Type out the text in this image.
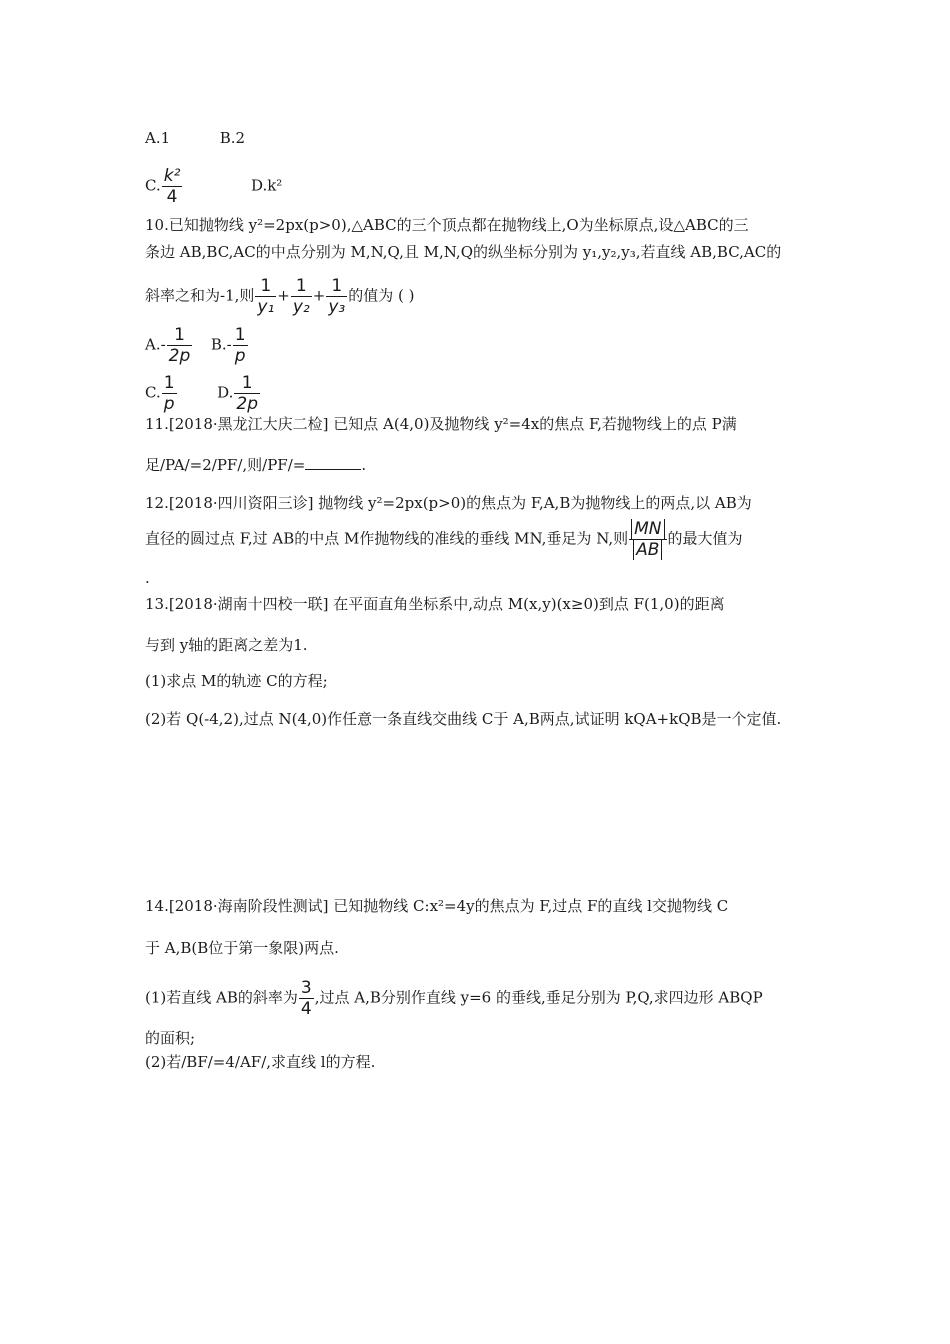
A.1	B.2
C. $\frac{\text{k²}}{4}$	D.k²
10.已知抛物线 y²=2px(p>0),△ABC的三个顶点都在抛物线上,O为坐标原点,设△ABC的三
条边 AB,BC,AC的中点分别为 M,N,Q,且 M,N,Q的纵坐标分别为 y₁,y₂,y₃,若直线 AB,BC,AC的
斜率之和为-1,则 $\frac{1}{\text{y₁}} + \frac{1}{\text{y₂}} + \frac{1}{\text{y₃}}$ 的值为 ( )
$A.- \frac{1}{2p} B.- \frac{1}{p}$
C. $\frac{1}{p}$	D. $\frac{1}{2p}$
11.[2018·黑龙江大庆二检] 已知点 A(4,0)及抛物线 y²=4x的焦点 F,若抛物线上的点 P满
足/PA/=2/PF/,则/PF/=	.
12.[2018·四川资阳三诊] 抛物线 y²=2px(p>0)的焦点为 F,A,B为抛物线上的两点,以 AB为
直径的圆过点 F,过 AB的中点 M作抛物线的准线的垂线 MN,垂足为 N,则 $\frac{MN}{AB}$ 的最大值为
.
13.[2018·湖南十四校一联] 在平面直角坐标系中,动点 M(x,y)(x≥0)到点 F(1,0)的距离
与到 y轴的距离之差为1.
(1)求点 M的轨迹 C的方程;
(2)若 Q(-4,2),过点 N(4,0)作任意一条直线交曲线 C于 A,B两点,试证明 kQA+kQB是一个定值.
14.[2018·海南阶段性测试] 已知抛物线 C:x²=4y的焦点为 F,过点 F的直线 l交抛物线 C
于 A,B(B位于第一象限)两点.
(1)若直线 AB的斜率为 $\frac{3}{4}$ ,过点 A,B分别作直线 y=6 的垂线,垂足分别为 P,Q,求四边形 ABQP
的面积;
(2)若/BF/=4/AF/,求直线 l的方程.
